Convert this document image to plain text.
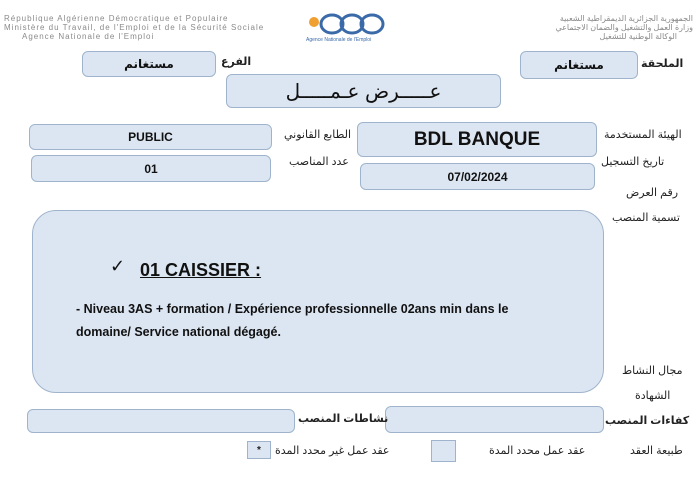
République Algérienne Démocratique et Populaire
Ministère du Travail, de l'Emploi et de la Sécurité Sociale
Agence Nationale de l'Emploi
الجمهورية الجزائرية الديمقراطية الشعبية
وزارة العمل والتشغيل والضمان الاجتماعي
الوكالة الوطنية للتشغيل
Agence Nationale de l'Emploi
الملحقة
مستغانم
الفرع
مستغانم
عـــــرض عـمـــــل
الهيئة المستخدمة
BDL BANQUE
الطابع القانوني
PUBLIC
تاريخ التسجيل
07/02/2024
عدد المناصب
01
رقم العرض
تسمية المنصب
✓ 01 CAISSIER :
- Niveau 3AS + formation / Expérience professionnelle 02ans min dans le domaine/ Service national dégagé.
مجال النشاط
الشهادة
كفاءات المنصب
نشاطات المنصب
طبيعة العقد
عقد عمل محدد المدة
عقد عمل غير محدد المدة
*
